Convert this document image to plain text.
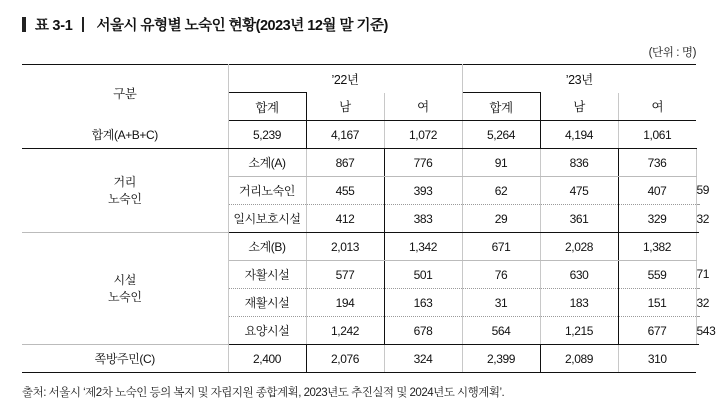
표 3-1 서울시 유형별 노숙인 현황(2023년 12월 말 기준)
(단위 : 명)
구분	’22년			’23년			
	합계	남	여	합계	남	여	
합계(A+B+C)	5,239	4,167	1,072	5,264	4,194	1,061	

거리
노숙인	소계(A)	867	776	91	836	736	
	거리노숙인	455	393	62	475	407	59
	일시보호시설	412	383	29	361	329	32

시설
노숙인	소계(B)	2,013	1,342	671	2,028	1,382	
	자활시설	577	501	76	630	559	71
	재활시설	194	163	31	183	151	32
	요양시설	1,242	678	564	1,215	677	543
쪽방주민(C)	2,400	2,076	324	2,399	2,089	310	
출처: 서울시 ‘제2차 노숙인 등의 복지 및 자립지원 종합계획, 2023년도 추진실적 및 2024년도 시행계획’.
